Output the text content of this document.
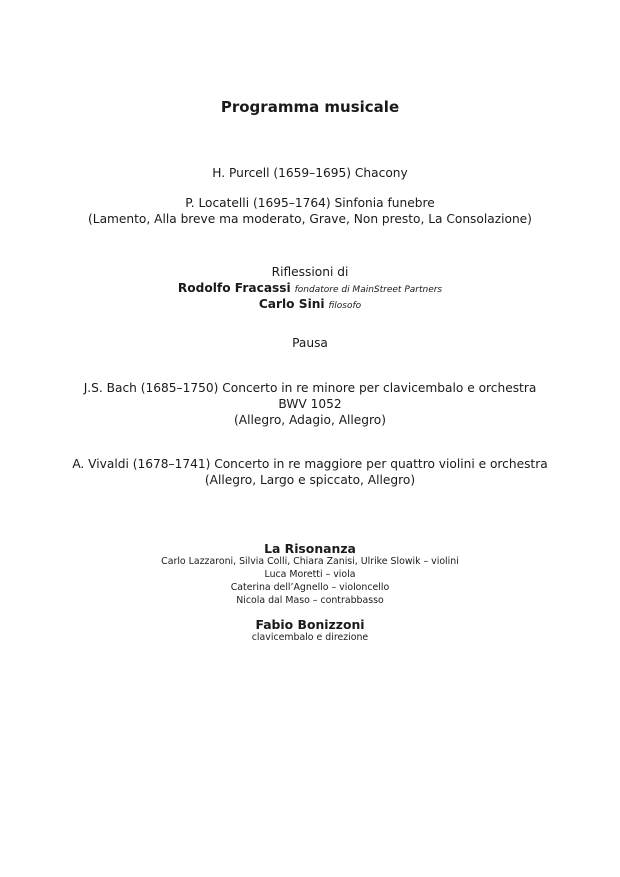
Programma musicale
H. Purcell (1659–1695) Chacony
P. Locatelli (1695–1764) Sinfonia funebre
(Lamento, Alla breve ma moderato, Grave, Non presto, La Consolazione)
Riflessioni di
Rodolfo Fracassi fondatore di MainStreet Partners
Carlo Sini filosofo
Pausa
J.S. Bach (1685–1750) Concerto in re minore per clavicembalo e orchestra
BWV 1052
(Allegro, Adagio, Allegro)
A. Vivaldi (1678–1741) Concerto in re maggiore per quattro violini e orchestra
(Allegro, Largo e spiccato, Allegro)
La Risonanza
Carlo Lazzaroni, Silvia Colli, Chiara Zanisi, Ulrike Slowik – violini
Luca Moretti – viola
Caterina dell’Agnello – violoncello
Nicola dal Maso – contrabbasso
Fabio Bonizzoni
clavicembalo e direzione
